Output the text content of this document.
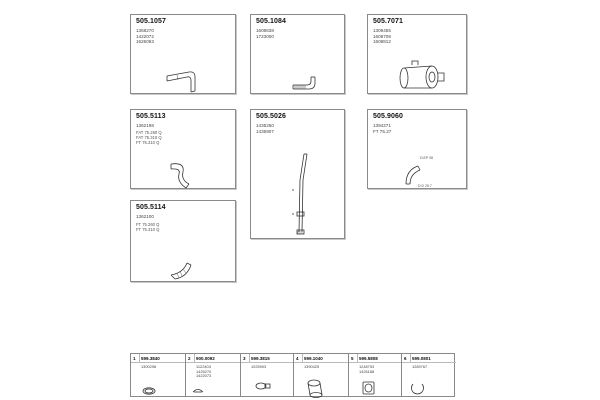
505.1057
1368270
1422072
1626063
505.1084
1608838
1723000
505.7071
1309455
1608708
1608812
505.5113
1362198
FAT 75.260 Q
FAT 75.310 Q
FT 75.310 Q
505.5026
1435250
1435907
505.9060
1394271
FT 75.27
D:EP 08
D:D 25.7
505.5114
1362100
FT 75.260 Q
FT 75.310 Q
1 599.3840
1300298
2 900.0092
1122403
1425270
1422073
3 599.3815
1025903
4 599.1040
1390425
5 599.5808
1248753
1426188
6 599.0801
1289767
